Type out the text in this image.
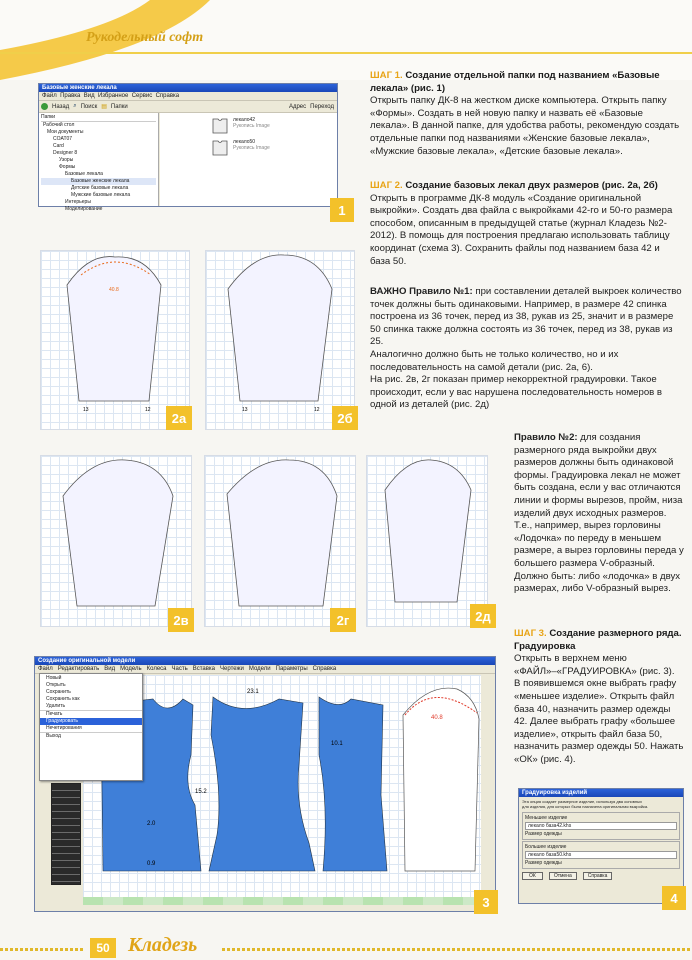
Рукодельный софт
Базовые женские лекала
Файл Правка Вид Избранное Сервис Справка
Назад ⌕ Поиск ▤ Папки	Адрес Переход
Папки
Рабочий стол
Мои документы
COAT07
Card
Designer 8
Узоры
Формы
Базовые лекала
Базовые женские лекала
Детские базовые лекала
Мужские базовые лекала
Интерьеры
Моделирование
лекало42
Рукопись Image
лекало50
Рукопись Image
1
ШАГ 1. Создание отдельной папки под названием «Базовые лекала» (рис. 1)
Открыть папку ДК-8 на жестком диске компьютера. Открыть папку «Формы». Создать в ней новую папку и назвать её «Базовые лекала». В данной папке, для удобства работы, рекомендую создать отдельные папки под названиями «Женские базовые лекала», «Мужские базовые лекала», «Детские базовые лекала».
ШАГ 2. Создание базовых лекал двух размеров (рис. 2а, 2б)
Открыть в программе ДК-8 модуль «Создание оригинальной выкройки». Создать два файла с выкройками 42-го и 50-го размера способом, описанным в предыдущей статье (журнал Кладезь №2-2012). В помощь для построения предлагаю использовать таблицу координат (схема 3). Сохранить файлы под названием база 42 и база 50.
ВАЖНО Правило №1: при составлении деталей выкроек количество точек должны быть одинаковыми. Например, в размере 42 спинка построена из 36 точек, перед из 38, рукав из 25, значит и в размере 50 спинка также должна состоять из 36 точек, перед из 38, рукав из 25.
Аналогично должно быть не только количество, но и их последовательность на самой детали (рис. 2а, 6).
На рис. 2в, 2г показан пример некорректной градуировки. Такое происходит, если у вас нарушена последовательность номеров в одной из деталей (рис. 2д)
40.8
13	12
2а
13	12
2б
2в	2г	2д
Правило №2: для создания размерного ряда выкройки двух размеров должны быть одинаковой формы. Градуировка лекал не может быть создана, если у вас отличаются линии и формы вырезов, пройм, низа изделий двух исходных размеров. Т.е., например, вырез горловины «Лодочка» по переду в меньшем размере, а вырез горловины переда у большего размера V-образный. Должно быть: либо «лодочка» в двух размерах, либо V-образный вырез.
ШАГ 3. Создание размерного ряда. Градуировка
Открыть в верхнем меню «ФАЙЛ»–«ГРАДУИРОВКА» (рис. 3).
В появившемся окне выбрать графу «меньшее изделие». Открыть файл база 40, назначить размер одежды 42. Далее выбрать графу «большее изделие», открыть файл база 50, назначить размер одежды 50. Нажать «ОК» (рис. 4).
Создание оригинальной модели
Файл Редактировать Вид Модель Колеса Часть Вставка Чертежи Модели Параметры Справка
23.1
10.1
40.8
15.2
2.0
0.9
Новый
Открыть
Сохранить
Сохранить как
Удалить
Печать
Градуировать
Нечетирования
Выход
3
Градуировка изделий
Эта опция создает размерное изделие, используя два основных
для изделия, для которых была назначена оригинальная выкройка.
Меньшее изделие
лекало база42.khs
Размер одежды
Большее изделие
лекало база50.khs
Размер одежды
ОК	Отмена	Справка
4
50 Кладезь
